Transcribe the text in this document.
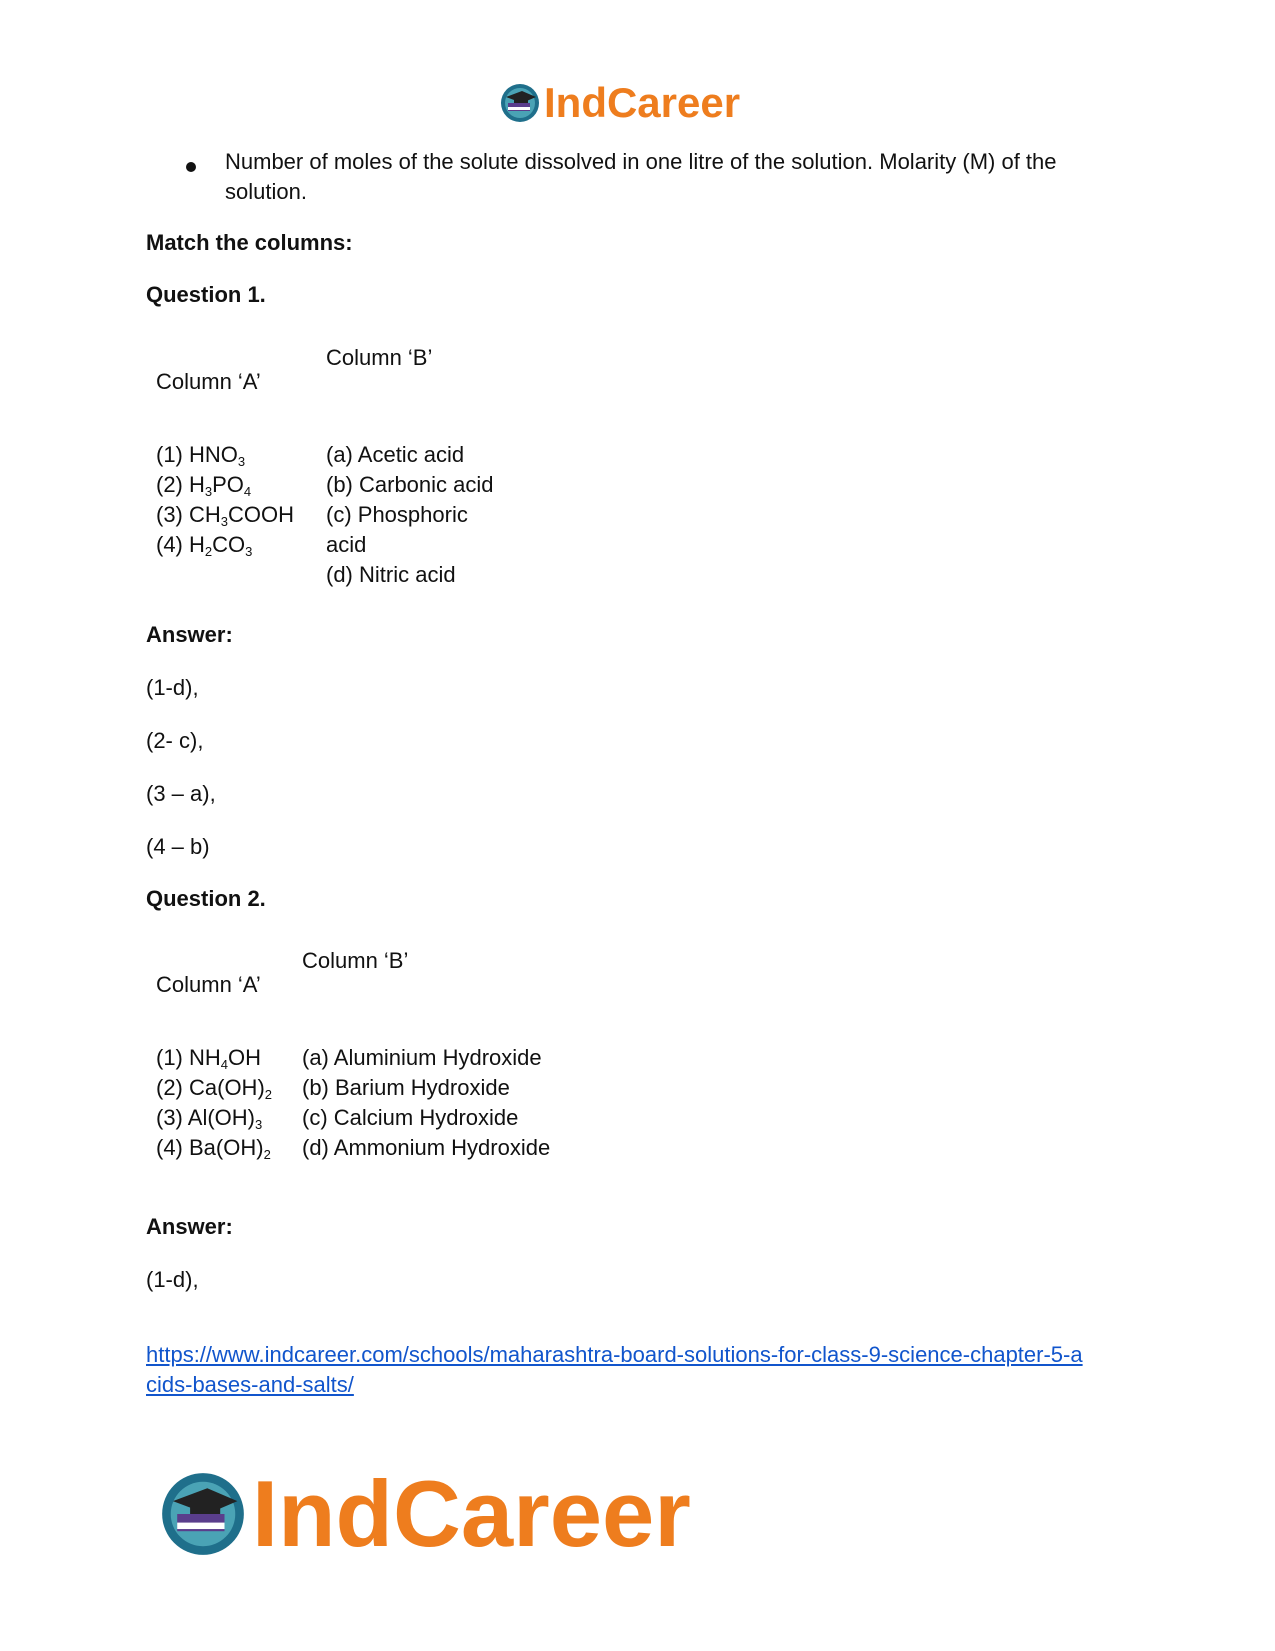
IndCareer
Number of moles of the solute dissolved in one litre of the solution. Molarity (M) of the solution.
Match the columns:
Question 1.
Column ‘B’
Column ‘A’
(1) $HNO_3$
(2) $H_3PO_4$
(3) $CH_3COOH$
(4) $H_2CO_3$
(a) Acetic acid
(b) Carbonic acid
(c) Phosphoric
acid
(d) Nitric acid
Answer:
(1-d),
(2- c),
(3 – a),
(4 – b)
Question 2.
Column ‘B’
Column ‘A’
(1) $NH_4OH$
(2) $Ca(OH)_2$
(3) $Al(OH)_3$
(4) $Ba(OH)_2$
(a) Aluminium Hydroxide
(b) Barium Hydroxide
(c) Calcium Hydroxide
(d) Ammonium Hydroxide
Answer:
(1-d),
https://www.indcareer.com/schools/maharashtra-board-solutions-for-class-9-science-chapter-5-a
cids-bases-and-salts/
IndCareer
